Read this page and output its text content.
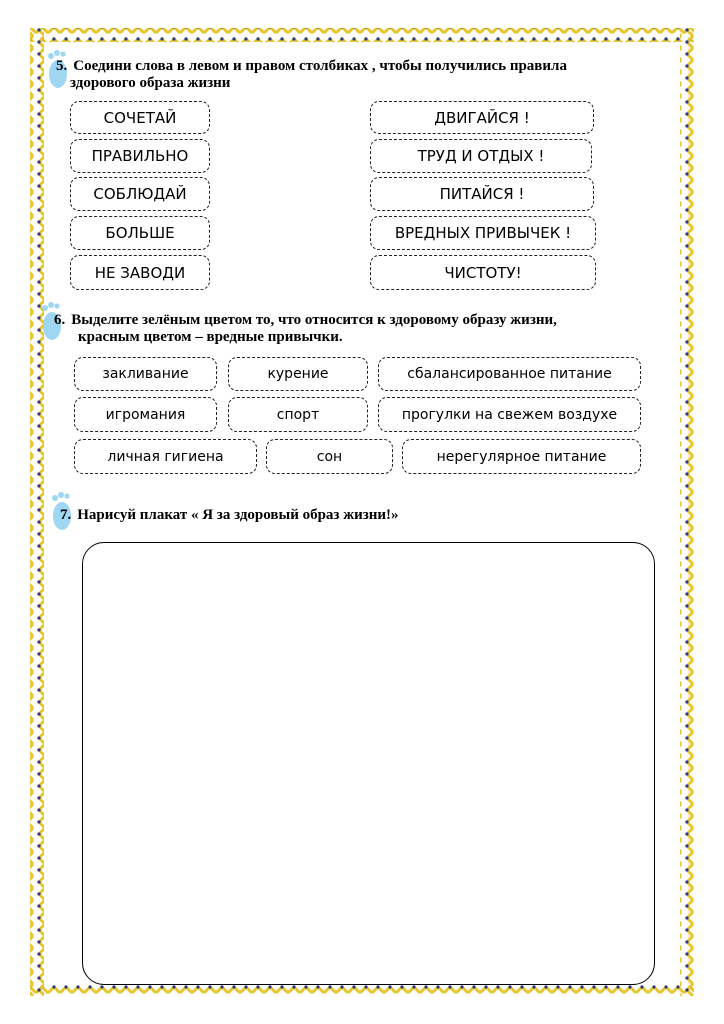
5. Соедини слова в левом и правом столбиках , чтобы получились правила
здорового образа жизни
СОЧЕТАЙ
ПРАВИЛЬНО
СОБЛЮДАЙ
БОЛЬШЕ
НЕ ЗАВОДИ
ДВИГАЙСЯ !
ТРУД И ОТДЫХ !
ПИТАЙСЯ !
ВРЕДНЫХ ПРИВЫЧЕК !
ЧИСТОТУ!
6. Выделите зелёным цветом то, что относится к здоровому образу жизни,
красным цветом – вредные привычки.
закливание	курение	сбалансированное питание
игромания	спорт	прогулки на свежем воздухе
личная гигиена	сон	нерегулярное питание
7. Нарисуй плакат « Я за здоровый образ жизни!»
